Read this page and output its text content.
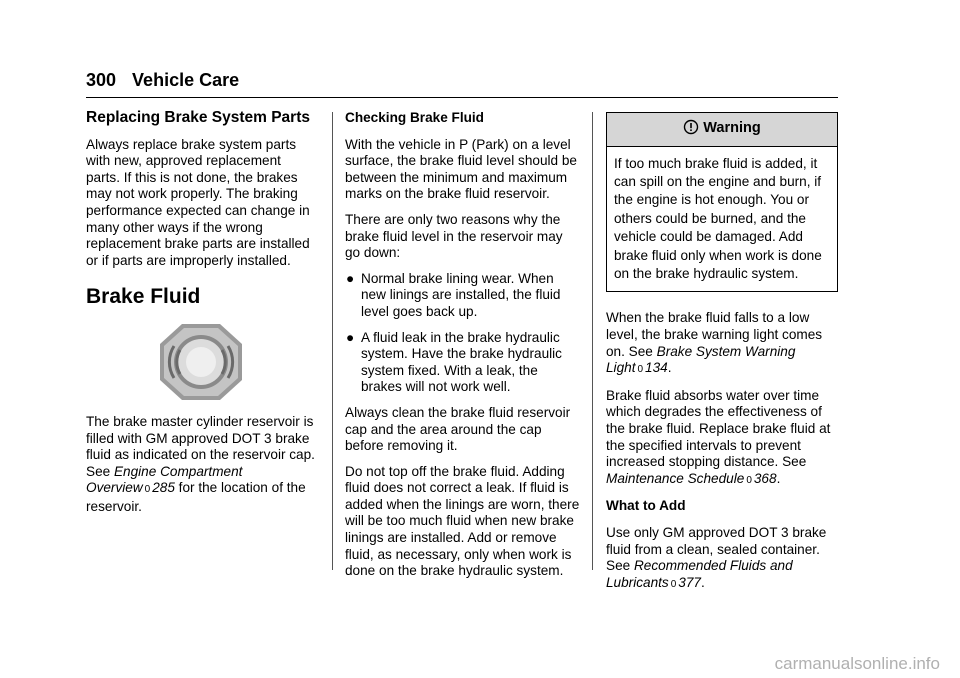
300 Vehicle Care
Replacing Brake System Parts

Always replace brake system parts with new, approved replacement parts. If this is not done, the brakes may not work properly. The braking performance expected can change in many other ways if the wrong replacement brake parts are installed or if parts are improperly installed.

Brake Fluid

The brake master cylinder reservoir is filled with GM approved DOT 3 brake fluid as indicated on the reservoir cap. See Engine Compartment Overview 0 285 for the location of the reservoir.

Checking Brake Fluid

With the vehicle in P (Park) on a level surface, the brake fluid level should be between the minimum and maximum marks on the brake fluid reservoir.

There are only two reasons why the brake fluid level in the reservoir may go down:

● Normal brake lining wear. When new linings are installed, the fluid level goes back up.
● A fluid leak in the brake hydraulic system. Have the brake hydraulic system fixed. With a leak, the brakes will not work well.

Always clean the brake fluid reservoir cap and the area around the cap before removing it.

Do not top off the brake fluid. Adding fluid does not correct a leak. If fluid is added when the linings are worn, there will be too much fluid when new brake linings are installed. Add or remove fluid, as necessary, only when work is done on the brake hydraulic system.

Warning
If too much brake fluid is added, it can spill on the engine and burn, if the engine is hot enough. You or others could be burned, and the vehicle could be damaged. Add brake fluid only when work is done on the brake hydraulic system.

When the brake fluid falls to a low level, the brake warning light comes on. See Brake System Warning Light 0 134.

Brake fluid absorbs water over time which degrades the effectiveness of the brake fluid. Replace brake fluid at the specified intervals to prevent increased stopping distance. See Maintenance Schedule 0 368.

What to Add

Use only GM approved DOT 3 brake fluid from a clean, sealed container. See Recommended Fluids and Lubricants 0 377.

carmanualsonline.info
